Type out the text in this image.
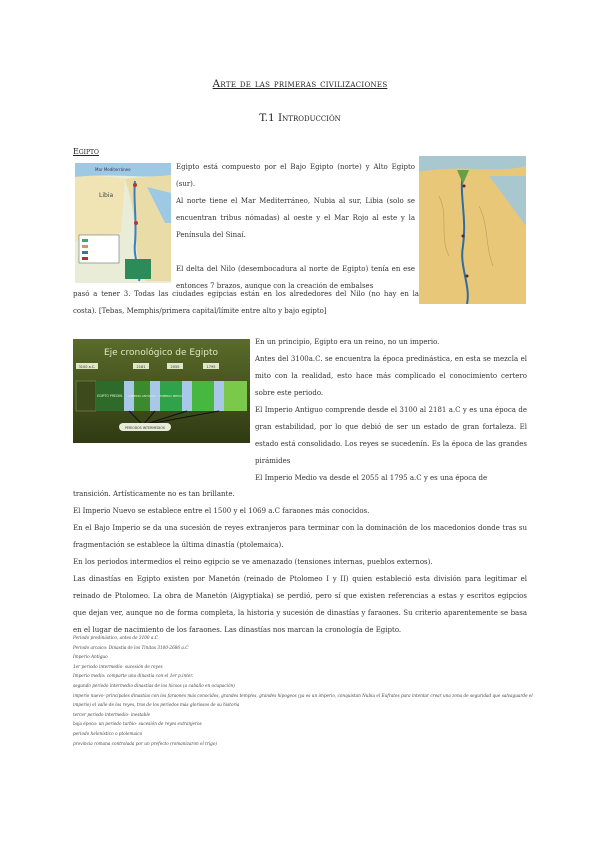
Arte de las primeras civilizaciones
T.1 Introducción
Egipto
Libia
Mar Mediterráneo	Egipto está compuesto por el Bajo Egipto (norte) y Alto Egipto (sur).

Al norte tiene el Mar Mediterráneo, Nubia al sur, Libia (solo se encuentran tribus nómadas) al oeste y el Mar Rojo al este y la Península del Sinaí.

El delta del Nilo (desembocadura al norte de Egipto) tenía en ese entonces 7 brazos, aunque con la creación de embalses

pasó a tener 3. Todas las ciudades egipcias están en los alrededores del Nilo (no hay en la costa). [Tebas, Memphis/primera capital/límite entre alto y bajo egipto]

Eje cronológico de Egipto
3100 a.C.	2181	2055	1795
EGIPTO PREDIN. IMPERIO ANTIGUO IMPERIO MEDIO
PERIODOS INTERMEDIOS

En un principio, Egipto era un reino, no un imperio.

Antes del 3100a.C. se encuentra la época predinástica, en esta se mezcla el mito con la realidad, esto hace más complicado el conocimiento certero sobre este periodo.

El Imperio Antiguo comprende desde el 3100 al 2181 a.C y es una época de gran estabilidad, por lo que debió de ser un estado de gran fortaleza. El estado está consolidado. Los reyes se sucedenín. Es la época de las grandes pirámides

El Imperio Medio va desde el 2055 al 1795 a.C y es una época de

transición. Artísticamente no es tan brillante.

El Imperio Nuevo se establece entre el 1500 y el 1069 a.C faraones más conocidos.

En el Bajo Imperio se da una sucesión de reyes extranjeros para terminar con la dominación de los macedonios donde tras su fragmentación se establece la última dinastía (ptolemaica).

En los periodos intermedios el reino egipcio se ve amenazado (tensiones internas, pueblos externos).

Las dinastías en Egipto existen por Manetón (reinado de Ptolomeo I y II) quien estableció esta división para legitimar el reinado de Ptolomeo. La obra de Manetón (Aigyptiaka) se perdió, pero sí que existen referencias a estas y escritos egipcios que dejan ver, aunque no de forma completa, la historia y sucesión de dinastías y faraones. Su criterio aparentemente se basa en el lugar de nacimiento de los faraones. Las dinastías nos marcan la cronología de Egipto.

Periodo predinástico, antes de 3100 a.C
Periodo arcaico: Dinastía de los Tinitas 3100-2686 a.C
Imperio Antiguo
1er periodo intermedio- sucesión de reyes
Imperio medio: comparte una dinastía con el 1er p.inter.
segundo periodo intermedio dinastías de los hicsos (a caballo en ocupación)
imperio nuevo- principales dinastías con los faraones más conocidos, grandes templos, grandes hipogeos (ya es un imperio, conquistan Nubia el Eufrates para intentar crear una zona de seguridad que salvaguarde el imperio) el valle de los reyes, tras de los periodos más gloriosos de su historia
tercer periodo intermedio- inestable
baja época: un periodo turbio- sucesión de reyes extranjeros
periodo helenístico o ptolemaico
provincia romana controlada por un prefecto (romanizaron el trigo)
